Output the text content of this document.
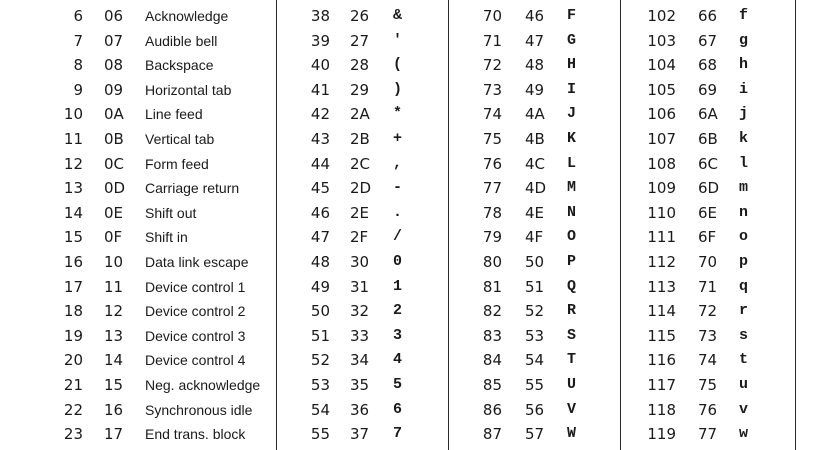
6 06	Acknowledge	38 26	&	70 46	F	102 66	f
7 07	Audible bell	39 27	'	71 47	G	103 67	g
8 08	Backspace	40 28	(	72 48	H	104 68	h
9 09	Horizontal tab	41 29	)	73 49	I	105 69	i
10 0A	Line feed	42 2A	*	74 4A	J	106 6A	j
11 0B	Vertical tab	43 2B	+	75 4B	K	107 6B	k
12 0C	Form feed	44 2C	,	76 4C	L	108 6C	l
13 0D	Carriage return	45 2D	-	77 4D	M	109 6D	m
14 0E	Shift out	46 2E	.	78 4E	N	110 6E	n
15 0F	Shift in	47 2F	/	79 4F	O	111 6F	o
16 10	Data link escape	48 30	0	80 50	P	112 70	p
17 11	Device control 1	49 31	1	81 51	Q	113 71	q
18 12	Device control 2	50 32	2	82 52	R	114 72	r
19 13	Device control 3	51 33	3	83 53	S	115 73	s
20 14	Device control 4	52 34	4	84 54	T	116 74	t
21 15	Neg. acknowledge	53 35	5	85 55	U	117 75	u
22 16	Synchronous idle	54 36	6	86 56	V	118 76	v
23 17	End trans. block	55 37	7	87 57	W	119 77	w
